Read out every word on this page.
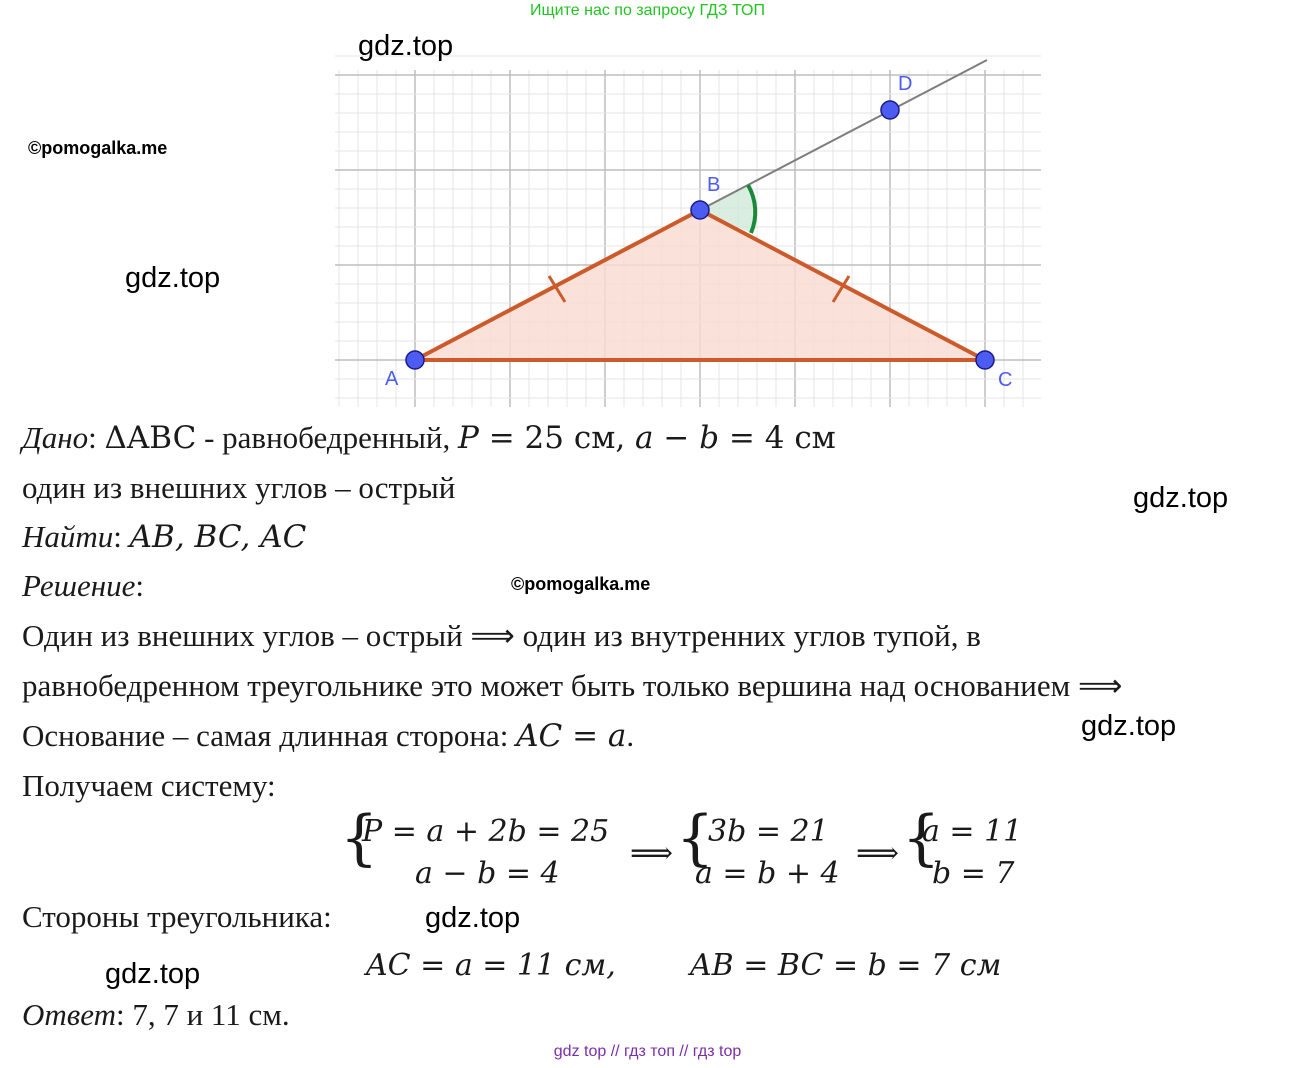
Ищите нас по запросу ГДЗ ТОП
A
B
C
D
gdz.top
©pomogalka.me
gdz.top
gdz.top
©pomogalka.me
gdz.top
gdz.top
gdz.top
Дано: ΔABC - равнобедренный, P = 25 см, a − b = 4 см
один из внешних углов – острый
Найти: AB, BC, AC
Решение:
Один из внешних углов – острый ⟹ один из внутренних углов тупой, в
равнобедренном треугольнике это может быть только вершина над основанием ⟹
Основание – самая длинная сторона: AC = a.
Получаем систему:
{
P = a + 2b = 25
a − b = 4
⟹ {
3b = 21
a = b + 4
⟹ {
a = 11
b = 7
Стороны треугольника:
AC = a = 11 см, AB = BC = b = 7 см
Ответ: 7, 7 и 11 см.
gdz top // гдз топ // гдз top
